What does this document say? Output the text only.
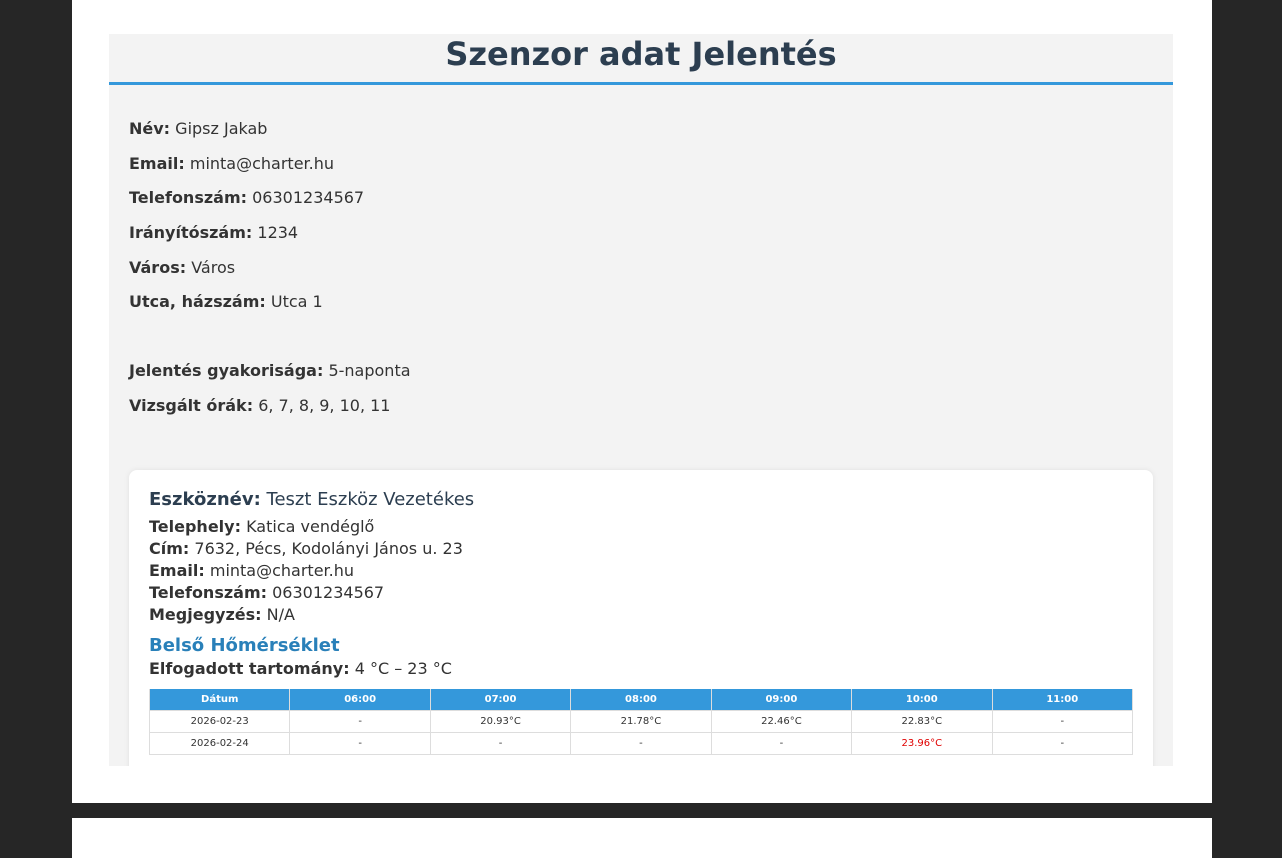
Szenzor adat Jelentés
Név: Gipsz Jakab
Email: minta@charter.hu
Telefonszám: 06301234567
Irányítószám: 1234
Város: Város
Utca, házszám: Utca 1
Jelentés gyakorisága: 5-naponta
Vizsgált órák: 6, 7, 8, 9, 10, 11
Eszköznév: Teszt Eszköz Vezetékes
Telephely: Katica vendéglő
Cím: 7632, Pécs, Kodolányi János u. 23
Email: minta@charter.hu
Telefonszám: 06301234567
Megjegyzés: N/A
Belső Hőmérséklet
Elfogadott tartomány: 4 °C – 23 °C
Dátum	06:00	07:00	08:00	09:00	10:00	11:00
2026-02-23	-	20.93°C	21.78°C	22.46°C	22.83°C	-
2026-02-24	-	-	-	-	23.96°C	-
